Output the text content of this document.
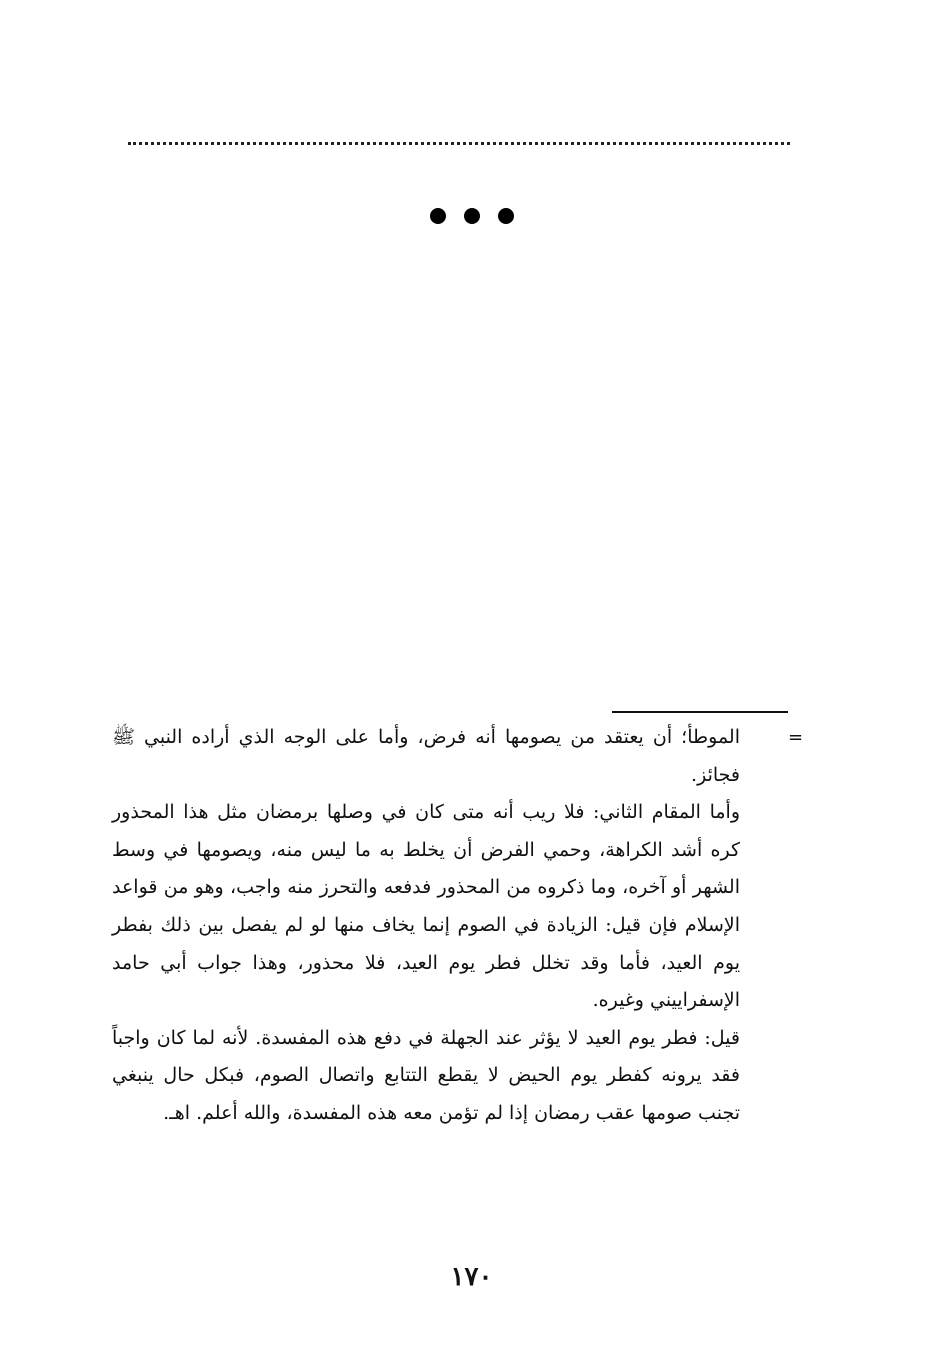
=

الموطأ؛ أن يعتقد من يصومها أنه فرض، وأما على الوجه الذي أراده النبي ﷺ فجائز.

وأما المقام الثاني: فلا ريب أنه متى كان في وصلها برمضان مثل هذا المحذور كره أشد الكراهة، وحمي الفرض أن يخلط به ما ليس منه، ويصومها في وسط الشهر أو آخره، وما ذكروه من المحذور فدفعه والتحرز منه واجب، وهو من قواعد الإسلام فإن قيل: الزيادة في الصوم إنما يخاف منها لو لم يفصل بين ذلك بفطر يوم العيد، فأما وقد تخلل فطر يوم العيد، فلا محذور، وهذا جواب أبي حامد الإسفراييني وغيره.

قيل: فطر يوم العيد لا يؤثر عند الجهلة في دفع هذه المفسدة. لأنه لما كان واجباً فقد يرونه كفطر يوم الحيض لا يقطع التتابع واتصال الصوم، فبكل حال ينبغي تجنب صومها عقب رمضان إذا لم تؤمن معه هذه المفسدة، والله أعلم. اهـ.

١٧٠
